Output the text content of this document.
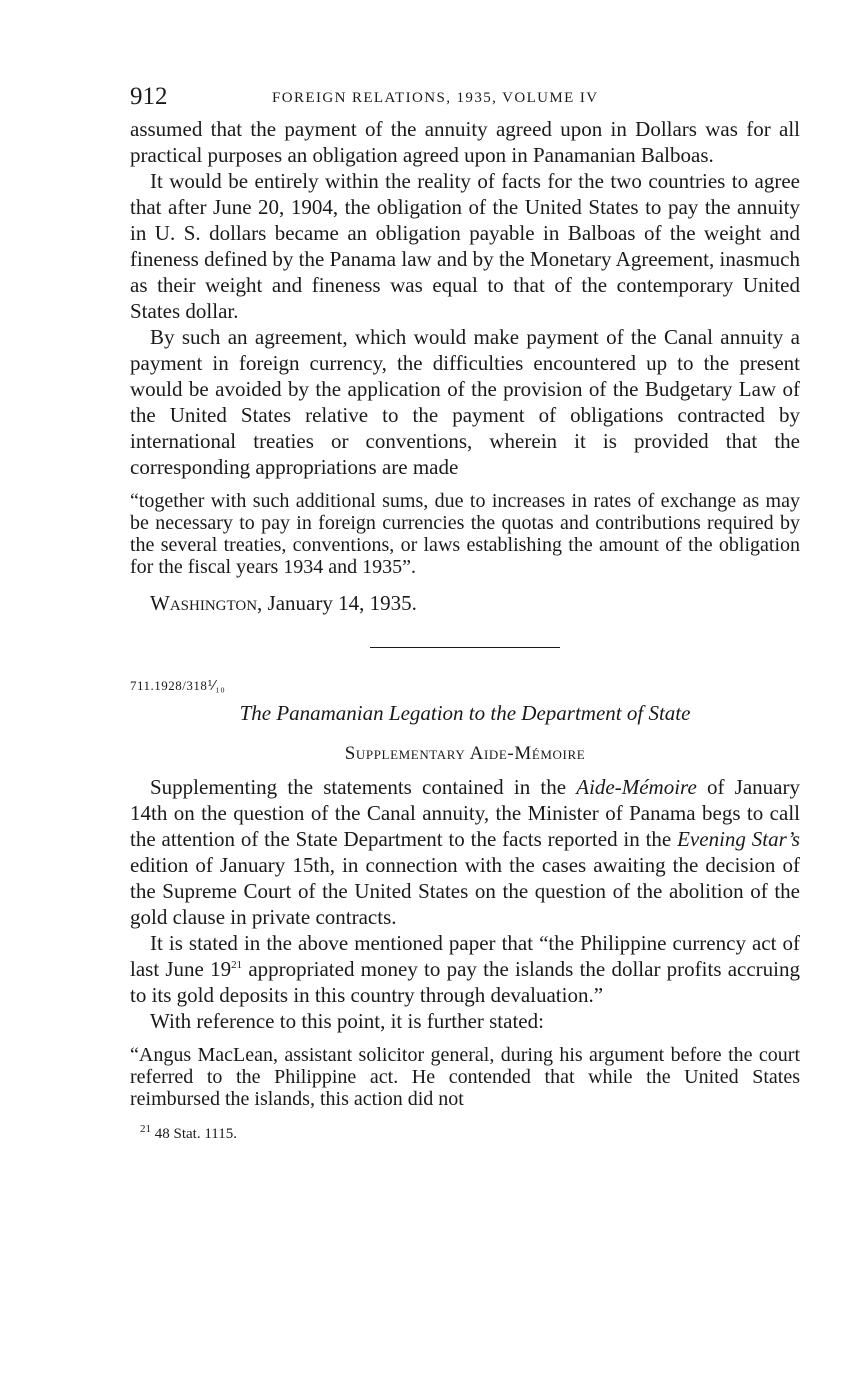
912	FOREIGN RELATIONS, 1935, VOLUME IV

assumed that the payment of the annuity agreed upon in Dollars was for all practical purposes an obligation agreed upon in Panamanian Balboas.

It would be entirely within the reality of facts for the two countries to agree that after June 20, 1904, the obligation of the United States to pay the annuity in U. S. dollars became an obligation payable in Balboas of the weight and fineness defined by the Panama law and by the Monetary Agreement, inasmuch as their weight and fineness was equal to that of the contemporary United States dollar.

By such an agreement, which would make payment of the Canal annuity a payment in foreign currency, the difficulties encountered up to the present would be avoided by the application of the provision of the Budgetary Law of the United States relative to the payment of obligations contracted by international treaties or conventions, wherein it is provided that the corresponding appropriations are made

“together with such additional sums, due to increases in rates of exchange as may be necessary to pay in foreign currencies the quotas and contributions required by the several treaties, conventions, or laws establishing the amount of the obligation for the fiscal years 1934 and 1935”.

Washington, January 14, 1935.
711.1928/318⅟₁₀
The Panamanian Legation to the Department of State
Supplementary Aide-Mémoire

Supplementing the statements contained in the Aide-Mémoire of January 14th on the question of the Canal annuity, the Minister of Panama begs to call the attention of the State Department to the facts reported in the Evening Star’s edition of January 15th, in connection with the cases awaiting the decision of the Supreme Court of the United States on the question of the abolition of the gold clause in private contracts.

It is stated in the above mentioned paper that “the Philippine currency act of last June $19^{21}$ appropriated money to pay the islands the dollar profits accruing to its gold deposits in this country through devaluation.”

With reference to this point, it is further stated:

“Angus MacLean, assistant solicitor general, during his argument before the court referred to the Philippine act. He contended that while the United States reimbursed the islands, this action did not

$^{21}$ 48 Stat. 1115.
